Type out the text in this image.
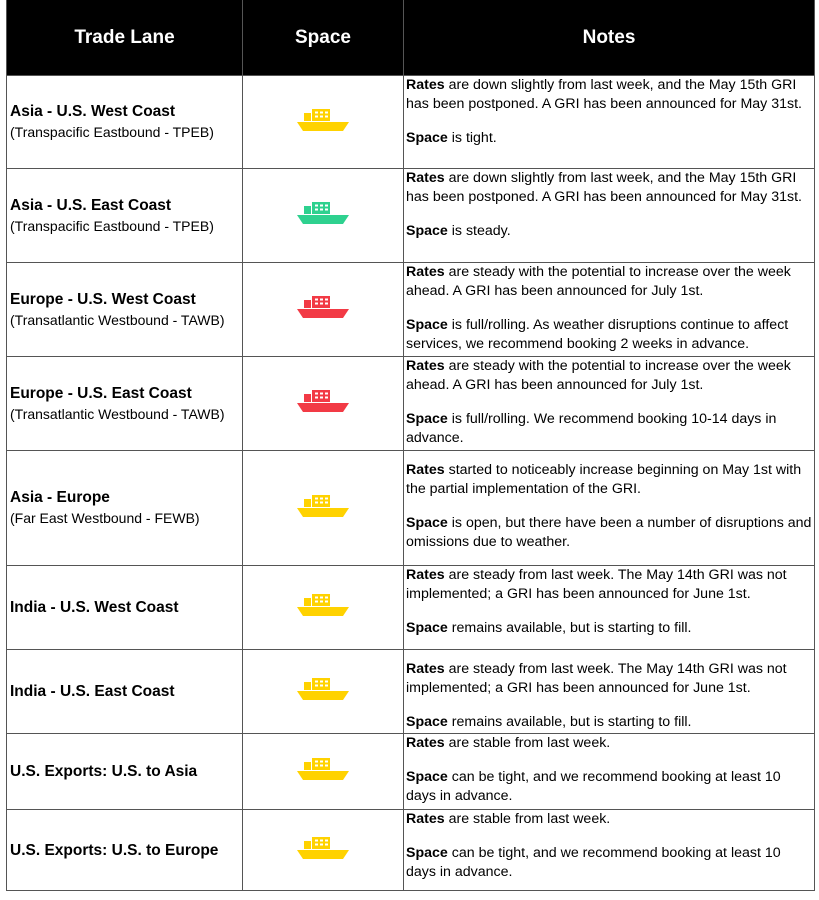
Trade Lane	Space	Notes

Asia - U.S. West Coast
(Transpacific Eastbound - TPEB)		Rates are down slightly from last week, and the May 15th GRI has been postponed. A GRI has been announced for May 31st.
Space is tight.

Asia - U.S. East Coast
(Transpacific Eastbound - TPEB)		Rates are down slightly from last week, and the May 15th GRI has been postponed. A GRI has been announced for May 31st.
Space is steady.

Europe - U.S. West Coast
(Transatlantic Westbound - TAWB)		Rates are steady with the potential to increase over the week ahead. A GRI has been announced for July 1st.
Space is full/rolling. As weather disruptions continue to affect services, we recommend booking 2 weeks in advance.

Europe - U.S. East Coast
(Transatlantic Westbound - TAWB)		Rates are steady with the potential to increase over the week ahead. A GRI has been announced for July 1st.
Space is full/rolling. We recommend booking 10-14 days in advance.

Asia - Europe
(Far East Westbound - FEWB)		Rates started to noticeably increase beginning on May 1st with the partial implementation of the GRI.
Space is open, but there have been a number of disruptions and omissions due to weather.

India - U.S. West Coast		Rates are steady from last week. The May 14th GRI was not implemented; a GRI has been announced for June 1st.
Space remains available, but is starting to fill.

India - U.S. East Coast		Rates are steady from last week. The May 14th GRI was not implemented; a GRI has been announced for June 1st.
Space remains available, but is starting to fill.

U.S. Exports: U.S. to Asia		Rates are stable from last week.
Space can be tight, and we recommend booking at least 10 days in advance.

U.S. Exports: U.S. to Europe		Rates are stable from last week.
Space can be tight, and we recommend booking at least 10 days in advance.
